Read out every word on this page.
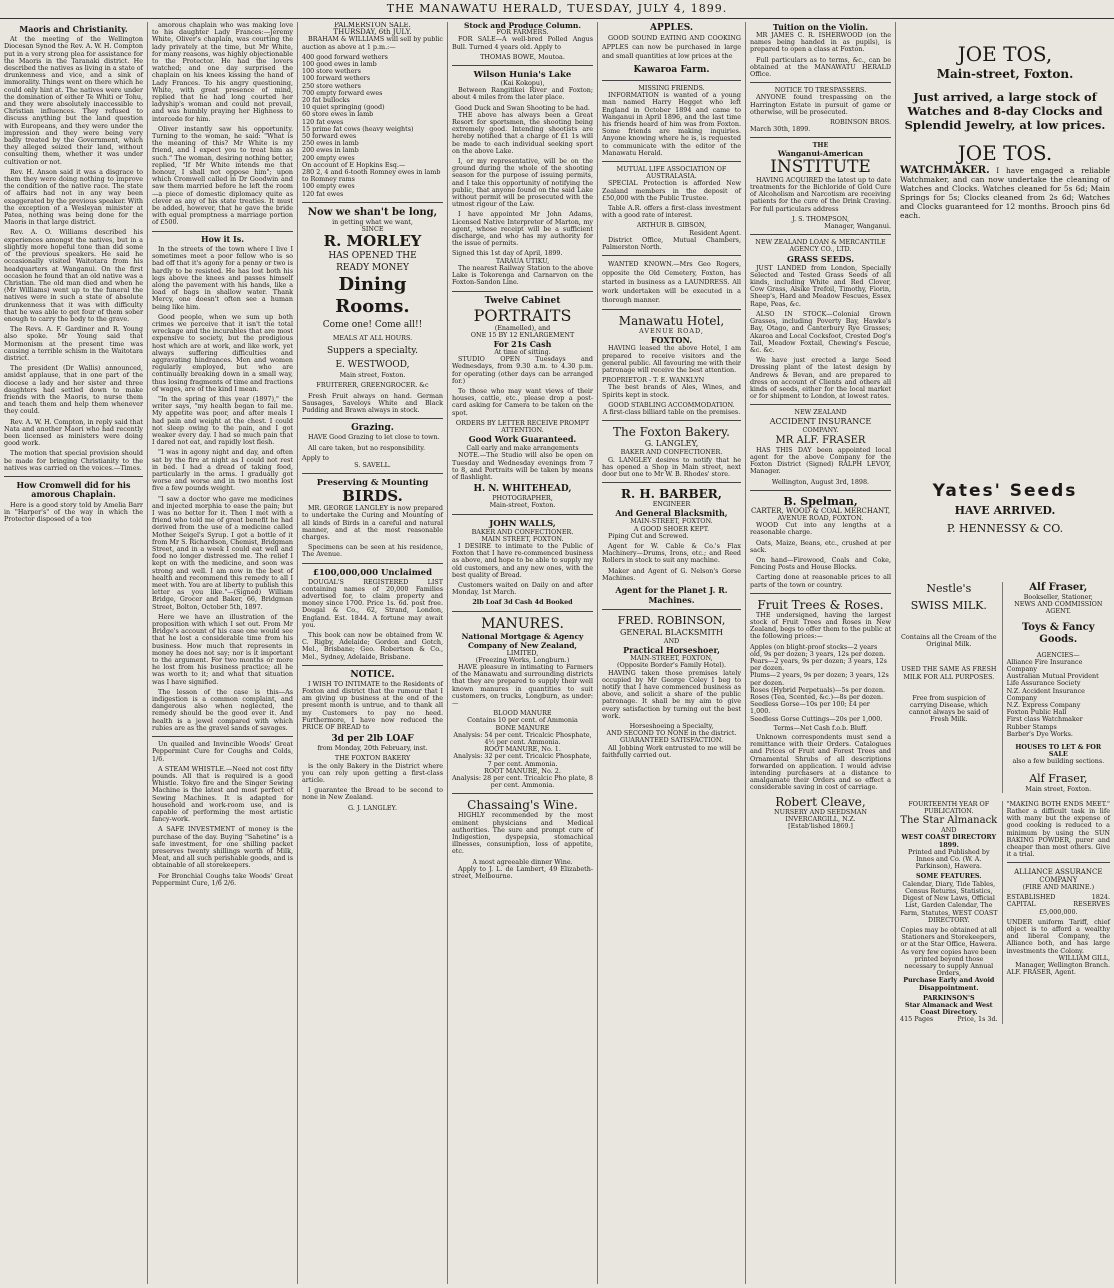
THE MANAWATU HERALD, TUESDAY, JULY 4, 1899.
Maoris and Christianity.

At the meeting of the Wellington Diocesan Synod the Rev. A. W. H. Compton put in a very strong plea for assistance for the Maoris in the Taranaki district. He described the natives as living in a state of drunkenness and vice, and a sink of immorality. Things went on there which he could only hint at. The natives were under the domination of either Te Whiti or Tohu, and they were absolutely inaccessible to Christian influences. They refused to discuss anything but the land question with Europeans, and they were under the impression and they were being very badly treated by the Government, which they alleged seized their land, without consulting them, whether it was under cultivation or not.

Rev. H. Anson said it was a disgrace to them they were doing nothing to improve the condition of the native race. The state of affairs had not in any way been exaggerated by the previous speaker. With the exception of a Wesleyan minister at Patea, nothing was being done for the Maoris in that large district.

Rev. A. O. Williams described his experiences amongst the natives, but in a slightly more hopeful tone than did some of the previous speakers. He said he occasionally visited Waitotara from his headquarters at Wanganui. On the first occasion he found that an old native was a Christian. The old man died and when he (Mr Williams) went up to the funeral the natives were in such a state of absolute drunkenness that it was with difficulty that he was able to get four of them sober enough to carry the body to the grave.

The Revs. A. F. Gardiner and R. Young also spoke. Mr Young said that Mormonism at the present time was causing a terrible schism in the Waitotara district.

The president (Dr Wallis) announced, amidst applause, that in one part of the diocese a lady and her sister and three daughters had settled down to make friends with the Maoris, to nurse them and teach them and help them whenever they could.

Rev. A. W. H. Compton, in reply said that Nata and another Maori who had recently been licensed as ministers were doing good work.

The motion that special provision should be made for bringing Christianity to the natives was carried on the voices.—Times.

How Cromwell did for his amorous Chaplain.

Here is a good story told by Amelia Barr in "Harper's" of the way in which the Protector disposed of a too

amorous chaplain who was making love to his daughter Lady Frances:—Jeremy White, Oliver's chaplain, was courting the lady privately at the time, but Mr White, for many reasons, was highly objectionable to the Protector. He had the lovers watched; and one day surprised the chaplain on his knees kissing the hand of Lady Frances. To his angry questioning, White, with great presence of mind, replied that he had long courted her ladyship's woman and could not prevail, and was humbly praying her Highness to intercede for him.

Oliver instantly saw his opportunity. Turning to the woman, he said: "What is the meaning of this? Mr White is my friend, and I expect you to treat him as such." The woman, desiring nothing better, replied, "If Mr White intends me that honour, I shall not oppose him"; upon which Cromwell called in Dr Goodwin and saw them married before he left the room—a piece of domestic diplomacy quite as clever as any of his state treaties. It must be added, however, that he gave the bride with equal promptness a marriage portion of £500.

How it Is.

In the streets of the town where I live I sometimes meet a poor fellow who is so bad off that it's agony for a penny or two is hardly to be resisted. He has lost both his legs above the knees and passes himself along the pavement with his hands, like a load of bags in shallow water. Thank Mercy, one doesn't often see a human being like him.

Good people, when we sum up both crimes we perceive that it isn't the total wreckage and the incurables that are most expensive to society, but the prodigious host which are at work, and like work, yet always suffering difficulties and aggravating hindrances. Men and women regularly employed, but who are continually breaking down in a small way, thus losing fragments of time and fractions of wages, are of the kind I mean.

"In the spring of this year (1897)," the writer says, "my health began to fail me. My appetite was poor, and after meals I had pain and weight at the chest. I could not sleep owing to the pain, and I got weaker every day. I had so much pain that I dared not eat, and rapidly lost flesh.

"I was in agony night and day, and often sat by the fire at night as I could not rest in bed. I had a dread of taking food, particularly in the arms. I gradually got worse and worse and in two months lost five a few pounds weight.

"I saw a doctor who gave me medicines and injected morphia to ease the pain; but I was no better for it. Then I met with a friend who told me of great benefit he had derived from the use of a medicine called Mother Seigel's Syrup. I got a bottle of it from Mr S. Richardson, Chemist, Bridgman Street, and in a week I could eat well and food no longer distressed me. The relief I kept on with the medicine, and soon was strong and well. I am now in the best of health and recommend this remedy to all I meet with. You are at liberty to publish this letter as you like."—(Signed) William Bridge, Grocer and Baker, 66, Bridgman Street, Bolton, October 5th, 1897.

Here we have an illustration of the proposition with which I set out. From Mr Bridge's account of his case one would see that he lost a considerable time from his business. How much that represents in money he does not say; nor is it important to the argument. For two months or more he lost from his business practice; all he was worth to it; and what that situation was I have signified.

The lesson of the case is this—As indigestion is a common complaint, and dangerous also when neglected, the remedy should be the good ever it. And health is a jewel compared with which rubies are as the gravel sands of savages.

Un quailed and Invincible Woods' Great Peppermint Cure for Coughs and Colds, 1/6.

A STEAM WHISTLE.—Need not cost fifty pounds. All that is required is a good Whistle. Tokyo fire and the Singer Sewing Machine is the latest and most perfect of Sewing Machines. It is adapted for household and work-room use, and is capable of performing the most artistic fancy-work.

A SAFE INVESTMENT of money is the purchase of the day. Buying "Sahetine" is a safe investment, for one shilling packet preserves twenty shillings worth of Milk, Meat, and all such perishable goods, and is obtainable of all storekeepers.

For Bronchial Coughs take Woods' Great Peppermint Cure, 1/6 2/6.

PALMERSTON SALE.
THURSDAY, 6th JULY.

BRAHAM & WILLIAMS will sell by public auction as above at 1 p.m.:—

400 good forward wethers
100 good ewes in lamb
100 store wethers
100 forward wethers
250 store wethers
700 empty forward ewes
20 fat bullocks
10 quiet springing (good)
60 store ewes in lamb
120 fat ewes
15 prime fat cows (heavy weights)
50 forward ewes
250 ewes in lamb
200 ewes in lamb
200 empty ewes
On account of E Hopkins Esq.—
280 2, 4 and 6-tooth Romney ewes in lamb to Romney rams
100 empty ewes
120 fat ewes
Now we shan't be long,
in getting what we want,
SINCE
R. MORLEY
HAS OPENED THE
READY MONEY
Dining Rooms.
Come one! Come all!!
MEALS AT ALL HOURS.
Suppers a specialty.
E. WESTWOOD,
Main street, Foxton.
FRUITERER, GREENGROCER. &c

Fresh Fruit always on hand. German Sausages, Saveloys White and Black Pudding and Brawn always in stock.

Grazing.

HAVE Good Grazing to let close to town.

All care taken, but no responsibility.

Apply to
S. SAVELL.
Preserving & Mounting
BIRDS.

MR. GEORGE LANGLEY is now prepared to undertake the Curing and Mounting of all kinds of Birds in a careful and natural manner, and at the most reasonable charges.

Specimens can be seen at his residence, The Avenue.

£100,000,000 Unclaimed

DOUGAL'S REGISTERED LIST containing names of 20,000 Families advertised for, to claim property and money since 1700. Price 1s. 6d. post free. Dougal & Co., 62, Strand, London, England. Est. 1844. A fortune may await you.

This book can now be obtained from W. C. Rigby, Adelaide; Gordon and Gotch, Mel., Brisbane; Geo. Robertson & Co., Mel., Sydney, Adelaide, Brisbane.

NOTICE.

I WISH TO INTIMATE to the Residents of Foxton and district that the rumour that I am giving up business at the end of the present month is untrue, and to thank all my Customers to pay no heed. Furthermore, I have now reduced the PRICE OF BREAD to

3d per 2lb LOAF
from Monday, 20th February, inst.
THE FOXTON BAKERY

is the only Bakery in the District where you can rely upon getting a first-class article.

I guarantee the Bread to be second to none in New Zealand.

G. J. LANGLEY.
Stock and Produce Column.
FOR FARMERS.

FOR SALE—A well-bred Polled Angus Bull. Turned 4 years old. Apply to

THOMAS BOWE, Moutoa.
Wilson Hunia's Lake
(Kai Kokopu),

Between Rangitikei River and Foxton; about 4 miles from the later place.

Good Duck and Swan Shooting to be had.

THE above has always been a Great Resort for sportsmen, the shooting being extremely good. Intending shootists are hereby notified that a charge of £1 1s will be made to each individual seeking sport on the above Lake.

I, or my representative, will be on the ground during the whole of the shooting season for the purpose of issuing permits, and I take this opportunity of notifying the public, that anyone found on the said Lake without permit will be prosecuted with the utmost rigour of the Law.

I have appointed Mr John Adams, Licensed Native Interpreter of Marton, my agent, whose receipt will be a sufficient discharge, and who has my authority for the issue of permits.

Signed this 1st day of April, 1899.
TARAUA UTIKU,

The nearest Railway Station to the above Lake is Tokorenga and Carnarvon on the Foxton-Sandon Line.

Twelve Cabinet
PORTRAITS
(Enamelled), and
ONE 15 BY 12 ENLARGEMENT
For 21s Cash
At time of sitting.

STUDIO OPEN Tuesdays and Wednesdays, from 9.30 a.m. to 4.30 p.m. for operating (other days can be arranged for.)

To those who may want views of their houses, cattle, etc., please drop a post-card asking for Camera to be taken on the spot.

ORDERS BY LETTER RECEIVE PROMPT ATTENTION.
Good Work Guaranteed.
Call early and make arrangements

NOTE.—The Studio will also be open on Tuesday and Wednesday evenings from 7 to 8, and Portraits will be taken by means of flashlight.

H. N. WHITEHEAD,
PHOTOGRAPHER,
Main-street, Foxton.
JOHN WALLS,
BAKER AND CONFECTIONER.
MAIN STREET, FOXTON.

I DESIRE to intimate to the Public of Foxton that I have re-commenced business as above, and hope to be able to supply my old customers, and any new ones, with the best quality of Bread.

Customers waited on Daily on and after Monday, 1st March.

2lb Loaf 3d Cash 4d Booked
MANURES.
National Mortgage & Agency Company of New Zealand,
LIMITED,
(Freezing Works, Longburn.)

HAVE pleasure in intimating to Farmers of the Manawatu and surrounding districts that they are prepared to supply their well known manures in quantities to suit customers, on trucks, Longburn, as under:—

BLOOD MANURE
Contains 10 per cent. of Ammonia
BONE MANURE
Analysis: 54 per cent. Tricalcic Phosphate, 4½ per cent. Ammonia.
ROOT MANURE, No. 1.
Analysis: 32 per cent. Tricalcic Phosphate, 7 per cent. Ammonia.
ROOT MANURE, No. 2.
Analysis: 28 per cent. Tricalcic Pho plate, 8 per cent. Ammonia.
Chassaing's Wine.

HIGHLY recommended by the most eminent physicians and Medical authorities. The sure and prompt cure of Indigestion, dyspepsia, stomachical illnesses, consumption, loss of appetite, etc.

A most agreeable dinner Wine.

Apply to J. L. de Lambert, 49 Elizabeth-street, Melbourne.

APPLES.

GOOD SOUND EATING AND COOKING APPLES can now be purchased in large and small quantities at low prices at the

Kawaroa Farm.
MISSING FRIENDS.

INFORMATION is wanted of a young man named Harry Hegget who left England in October 1894 and came to Wanganui in April 1896, and the last time his friends heard of him was from Foxton. Some friends are making inquiries. Anyone knowing where he is, is requested to communicate with the editor of the Manawatu Herald.

MUTUAL LIFE ASSOCIATION OF AUSTRALASIA.

SPECIAL Protection is afforded New Zealand members in the deposit of £50,000 with the Public Trustee.

Table A.R. offers a first-class investment with a good rate of interest.

ARTHUR B. GIBSON,
Resident Agent.

District Office, Mutual Chambers, Palmerston North.

WANTED KNOWN.—Mrs Geo Rogers, opposite the Old Cemetery, Foxton, has started in business as a LAUNDRESS. All work undertaken will be executed in a thorough manner.

Manawatu Hotel,
AVENUE ROAD,
FOXTON.

HAVING leased the above Hotel, I am prepared to receive visitors and the general public. All favouring me with their patronage will receive the best attention.

PROPRIETOR - T. E. WANKLYN

The best brands of Ales, Wines, and Spirits kept in stock.

GOOD STABLING ACCOMMODATION.
A first-class billiard table on the premises.
The Foxton Bakery.
G. LANGLEY,
BAKER AND CONFECTIONER.

G. LANGLEY desires to notify that he has opened a Shop in Main street, next door but one to Mr W. B. Rhodes' store.

R. H. BARBER,
ENGINEER
And General Blacksmith,
MAIN-STREET, FOXTON.
A GOOD SHOER KEPT.

Piping Cut and Screwed.

Agent for W. Cable & Co.'s Flax Machinery—Drums, Irons, etc.; and Reed Rollers in stock to suit any machine.

Maker and Agent of G. Nelson's Gorse Machines.

Agent for the Planet J. R. Machines.
FRED. ROBINSON,
GENERAL BLACKSMITH
AND
Practical Horseshoer,
MAIN-STREET, FOXTON,
(Opposite Border's Family Hotel).

HAVING taken those premises lately occupied by Mr George Coley I beg to notify that I have commenced business as above, and solicit a share of the public patronage. It shall be my aim to give every satisfaction by turning out the best work.

Horseshoeing a Specialty,
AND SECOND TO NONE in the district.
GUARANTEED SATISFACTION.

All Jobbing Work entrusted to me will be faithfully carried out.

Tuition on the Violin.

MR JAMES C. R. ISHERWOOD (on the names being handed in as pupils), is prepared to open a class at Foxton.

Full particulars as to terms, &c., can be obtained at the MANAWATU HERALD Office.

NOTICE TO TRESPASSERS.

ANYONE found trespassing on the Harrington Estate in pursuit of game or otherwise, will be prosecuted.

ROBINSON BROS.
March 30th, 1899.
THE
Wanganui-American
INSTITUTE

HAVING ACQUIRED the latest up to date treatments for the Bichloride of Gold Cure of Alcoholism and Narcotism are receiving patients for the cure of the Drink Craving. For full particulars address

J. S. THOMPSON,
Manager, Wanganui.
NEW ZEALAND LOAN & MERCANTILE AGENCY CO., LTD.
GRASS SEEDS.

JUST LANDED from London, Specially Selected and Tested Grass Seeds of all kinds, including White and Red Clover, Cow Grass, Alsike Trefoil, Timothy, Fiorin, Sheep's, Hard and Meadow Fescues, Essex Rape, Peas, &c.

ALSO IN STOCK—Colonial Grown Grasses, including Poverty Bay, Hawke's Bay, Otago, and Canterbury Rye Grasses; Akaroa and Local Cocksfoot, Crested Dog's Tail, Meadow Foxtail, Chewing's Fescue, &c. &c.

We have just erected a large Seed Dressing plant of the latest design by Andrews & Bevan, and are prepared to dress on account of Clients and others all kinds of seeds, either for the local market or for shipment to London, at lowest rates.

NEW ZEALAND
ACCIDENT INSURANCE
COMPANY.
MR ALF. FRASER

HAS THIS DAY been appointed local agent for the above Company for the Foxton District (Signed) RALPH LEVOY, Manager.

Wellington, August 3rd, 1898.
B. Spelman,
CARTER, WOOD & COAL MERCHANT,
AVENUE ROAD, FOXTON.

WOOD Cut into any lengths at a reasonable charge.

Oats, Maize, Beans, etc., crushed at per sack.

On hand—Firewood, Coals and Coke, Fencing Posts and House Blocks.

Carting done at reasonable prices to all parts of the town or country.

Fruit Trees & Roses.

THE undersigned, having the largest stock of Fruit Trees and Roses in New Zealand, begs to offer them to the public at the following prices:—

Apples (on blight-proof stocks—2 years old, 9s per dozen; 3 years, 12s per dozen.
Pears—2 years, 9s per dozen; 3 years, 12s per dozen.
Plums—2 years, 9s per dozen; 3 years, 12s per dozen.
Roses (Hybrid Perpetuals)—5s per dozen.
Roses (Tea, Scented, &c.)—8s per dozen.
Seedless Gorse—10s per 100; £4 per 1,000.
Seedless Gorse Cuttings—20s per 1,000.
Terms—Net Cash f.o.b. Bluff.

Unknown correspondents must send a remittance with their Orders. Catalogues and Prices of Fruit and Forest Trees and Ornamental Shrubs of all descriptions forwarded on application. I would advise intending purchasers at a distance to amalgamate their Orders and so effect a considerable saving in cost of carriage.

Robert Cleave,
NURSERY AND SEEDSMAN
INVERCARGILL, N.Z.
[Estab'lished 1869.]
JOE TOS,
Main-street, Foxton.
Just arrived, a large stock of Watches and 8-day Clocks and Splendid Jewelry, at low prices.
JOE TOS.
WATCHMAKER. I have engaged a reliable Watchmaker, and can now undertake the cleaning of Watches and Clocks. Watches cleaned for 5s 6d; Main Springs for 5s; Clocks cleaned from 2s 6d; Watches and Clocks guaranteed for 12 months. Brooch pins 6d each.
Yates' Seeds
HAVE ARRIVED.
P. HENNESSY & CO.
Nestle's
SWISS MILK.
Contains all the Cream of the Original Milk.
USED THE SAME AS FRESH MILK FOR ALL PURPOSES.
Free from suspicion of carrying Disease, which cannot always be said of Fresh Milk.
Alf Fraser,
Bookseller, Stationer,
NEWS AND COMMISSION AGENT.
Toys & Fancy Goods.
AGENCIES—
Alliance Fire Insurance Company
Australian Mutual Provident Life Assurance Society
N.Z. Accident Insurance Company
N.Z. Express Company
Foxton Public Hall
First class Watchmaker
Rubber Stamps
Barber's Dye Works.
HOUSES TO LET & FOR SALE
also a few building sections.
Alf Fraser,
Main street, Foxton.
FOURTEENTH YEAR OF PUBLICATION.
The Star Almanack
AND
WEST COAST DIRECTORY
1899.
Printed and Published by Innes and Co. (W. A. Parkinson), Hawera.
SOME FEATURES.
Calendar, Diary, Tide Tables, Census Returns, Statistics, Digest of New Laws, Official List, Garden Calendar, The Farm, Statutes, WEST COAST DIRECTORY.
Copies may be obtained at all Stationers and Storekeepers, or at the Star Office, Hawera.
As very few copies have been printed beyond those necessary to supply Annual Orders,
Purchase Early and Avoid Disappointment.
PARKINSON'S
Star Almanack and West Coast Directory.
415 Pages	Price, 1s 3d.

"MAKING BOTH ENDS MEET." Rather a difficult task in life with many but the expense of good cooking is reduced to a minimum by using the SUN BAKING POWDER, purer and cheaper than most others. Give it a trial.

ALLIANCE ASSURANCE COMPANY
(FIRE AND MARINE.)
ESTABLISHED	1824.
CAPITAL	RESERVES
£5,000,000.

UNDER uniform Tariff, chief object is to afford a wealthy and liberal Company, the Alliance both, and has large investments the Colony.

WILLIAM GILL,
Manager, Wellington Branch.
ALF. FRASER, Agent.
